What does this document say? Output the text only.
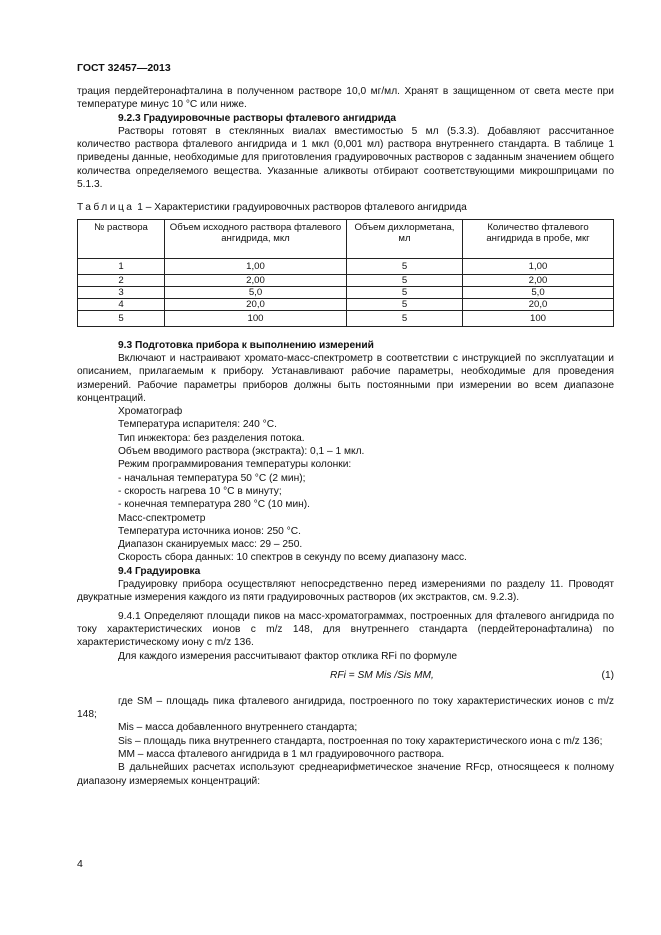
ГОСТ 32457—2013

трация пердейтеронафталина в полученном растворе 10,0 мг/мл. Хранят в защищенном от света месте при температуре минус 10 °С или ниже.

9.2.3 Градуировочные растворы фталевого ангидрида

Растворы готовят в стеклянных виалах вместимостью 5 мл (5.3.3). Добавляют рассчитанное количество раствора фталевого ангидрида и 1 мкл (0,001 мл) раствора внутреннего стандарта. В таблице 1 приведены данные, необходимые для приготовления градуировочных растворов с заданным значением общего количества определяемого вещества. Указанные аликвоты отбирают соответствующими микрошприцами по 5.1.3.

Таблица 1 – Характеристики градуировочных растворов фталевого ангидрида

№ раствора	Объем исходного раствора фталевого ангидрида, мкл	Объем дихлорметана, мл	Количество фталевого ангидрида в пробе, мкг
1	1,00	5	1,00
2	2,00	5	2,00
3	5,0	5	5,0
4	20,0	5	20,0
5	100	5	100

9.3 Подготовка прибора к выполнению измерений

Включают и настраивают хромато-масс-спектрометр в соответствии с инструкцией по эксплуатации и описанием, прилагаемым к прибору. Устанавливают рабочие параметры, необходимые для проведения измерений. Рабочие параметры приборов должны быть постоянными при измерении во всем диапазоне концентраций.

Хроматограф

Температура испарителя: 240 °С.

Тип инжектора: без разделения потока.

Объем вводимого раствора (экстракта): 0,1 – 1 мкл.

Режим программирования температуры колонки:

- начальная температура 50 °С (2 мин);

- скорость нагрева 10 °С в минуту;

- конечная температура 280 °С (10 мин).

Масс-спектрометр

Температура источника ионов: 250 °С.

Диапазон сканируемых масс: 29 – 250.

Скорость сбора данных: 10 спектров в секунду по всему диапазону масс.

9.4 Градуировка

Градуировку прибора осуществляют непосредственно перед измерениями по разделу 11. Проводят двукратные измерения каждого из пяти градуировочных растворов (их экстрактов, см. 9.2.3).

9.4.1 Определяют площади пиков на масс-хроматограммах, построенных для фталевого ангидрида по току характеристических ионов с m/z 148, для внутреннего стандарта (пердейтеронафталина) по характеристическому иону с m/z 136.

Для каждого измерения рассчитывают фактор отклика RFi по формуле

RFi = SM Mis /Sis MM,	(1)

где SM – площадь пика фталевого ангидрида, построенного по току характеристических ионов с m/z 148;

Mis – масса добавленного внутреннего стандарта;

Sis – площадь пика внутреннего стандарта, построенная по току характеристического иона с m/z 136;

MM – масса фталевого ангидрида в 1 мл градуировочного раствора.

В дальнейших расчетах используют среднеарифметическое значение RFср, относящееся к полному диапазону измеряемых концентраций:

4
